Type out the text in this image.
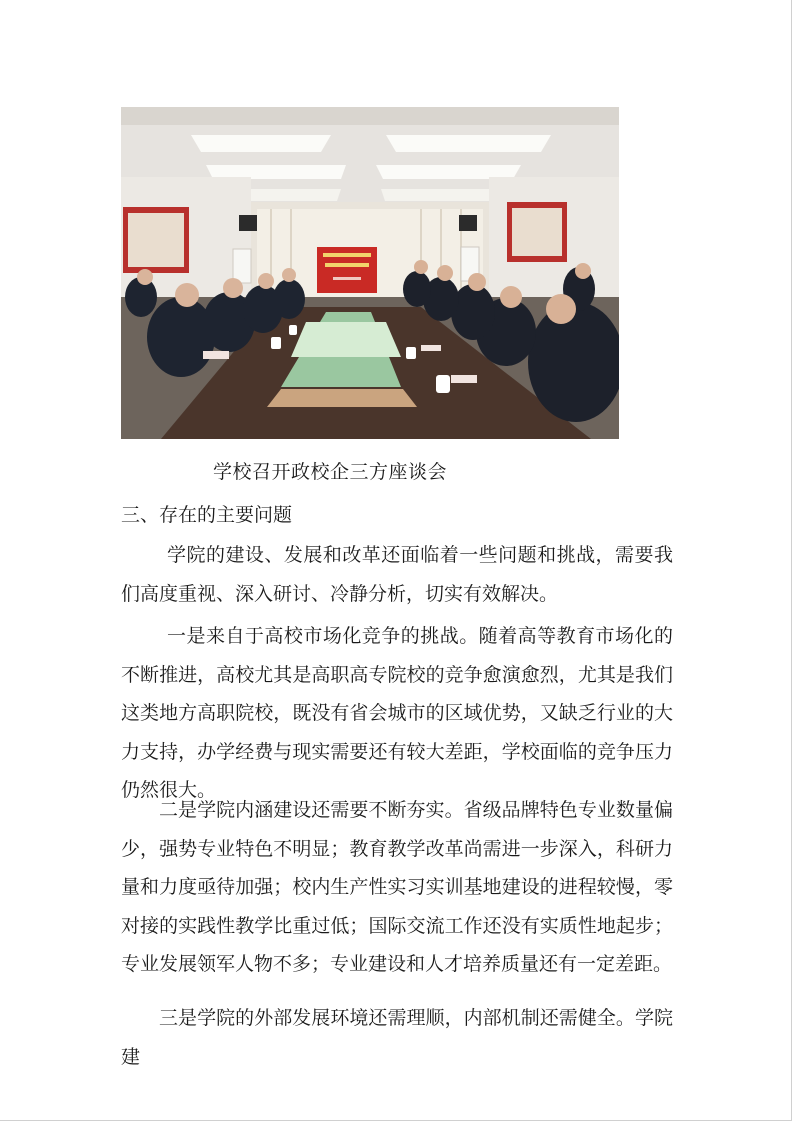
学校召开政校企三方座谈会
三、存在的主要问题

学院的建设、发展和改革还面临着一些问题和挑战，需要我们高度重视、深入研讨、冷静分析，切实有效解决。

一是来自于高校市场化竞争的挑战。随着高等教育市场化的不断推进，高校尤其是高职高专院校的竞争愈演愈烈，尤其是我们这类地方高职院校，既没有省会城市的区域优势，又缺乏行业的大力支持，办学经费与现实需要还有较大差距，学校面临的竞争压力仍然很大。

二是学院内涵建设还需要不断夯实。省级品牌特色专业数量偏少，强势专业特色不明显；教育教学改革尚需进一步深入，科研力量和力度亟待加强；校内生产性实习实训基地建设的进程较慢，零对接的实践性教学比重过低；国际交流工作还没有实质性地起步；专业发展领军人物不多；专业建设和人才培养质量还有一定差距。

三是学院的外部发展环境还需理顺，内部机制还需健全。学院建
